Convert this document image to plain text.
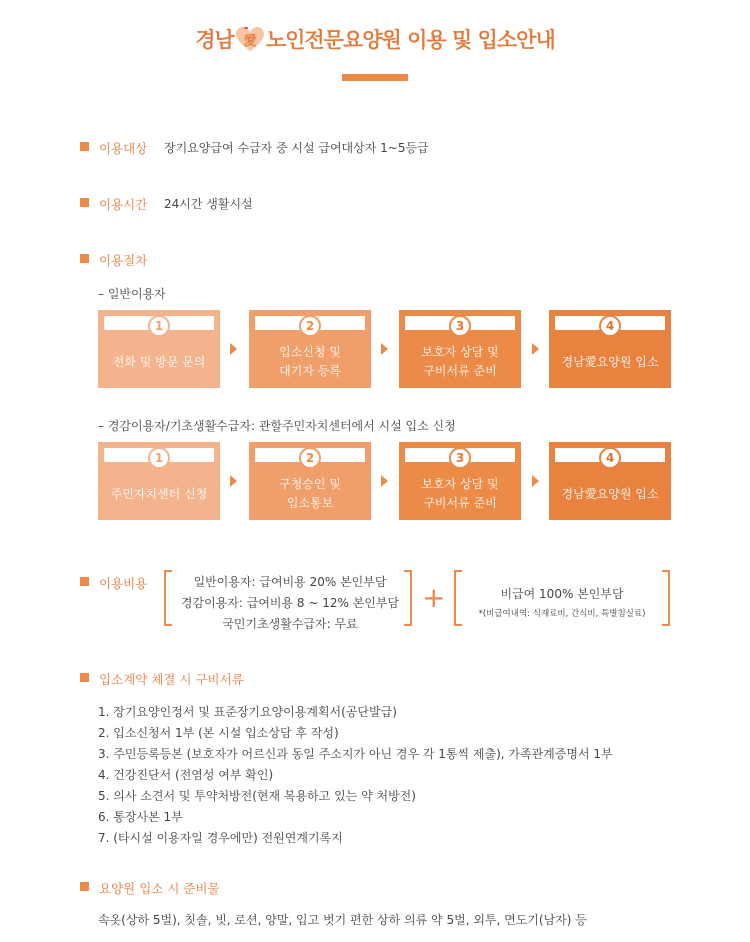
경남 愛 노인전문요양원 이용 및 입소안내
이용대상 장기요양급여 수급자 중 시설 급여대상자 1~5등급
이용시간 24시간 생활시설
이용절차
– 일반이용자
1
전화 및 방문 문의
2
입소신청 및
대기자 등록
3
보호자 상담 및
구비서류 준비
4
경남愛요양원 입소
– 경감이용자/기초생활수급자: 관할주민자치센터에서 시설 입소 신청
1
주민자치센터 신청
2
구청승인 및
입소통보
3
보호자 상담 및
구비서류 준비
4
경남愛요양원 입소
이용비용	일반이용자: 급여비용 20% 본인부담
경감이용자: 급여비용 8 ~ 12% 본인부담
국민기초생활수급자: 무료
+	비급여 100% 본인부담
*(비급여내역: 식재료비, 간식비, 특별침실료)
입소계약 체결 시 구비서류
1. 장기요양인정서 및 표준장기요양이용계획서(공단발급)
2. 입소신청서 1부 (본 시설 입소상담 후 작성)
3. 주민등록등본 (보호자가 어르신과 동일 주소지가 아닌 경우 각 1통씩 제출), 가족관계증명서 1부
4. 건강진단서 (전염성 여부 확인)
5. 의사 소견서 및 투약처방전(현재 복용하고 있는 약 처방전)
6. 통장사본 1부
7. (타시설 이용자일 경우에만) 전원연계기록지
요양원 입소 시 준비물
속옷(상하 5벌), 칫솔, 빗, 로션, 양말, 입고 벗기 편한 상하 의류 약 5벌, 외투, 면도기(남자) 등
